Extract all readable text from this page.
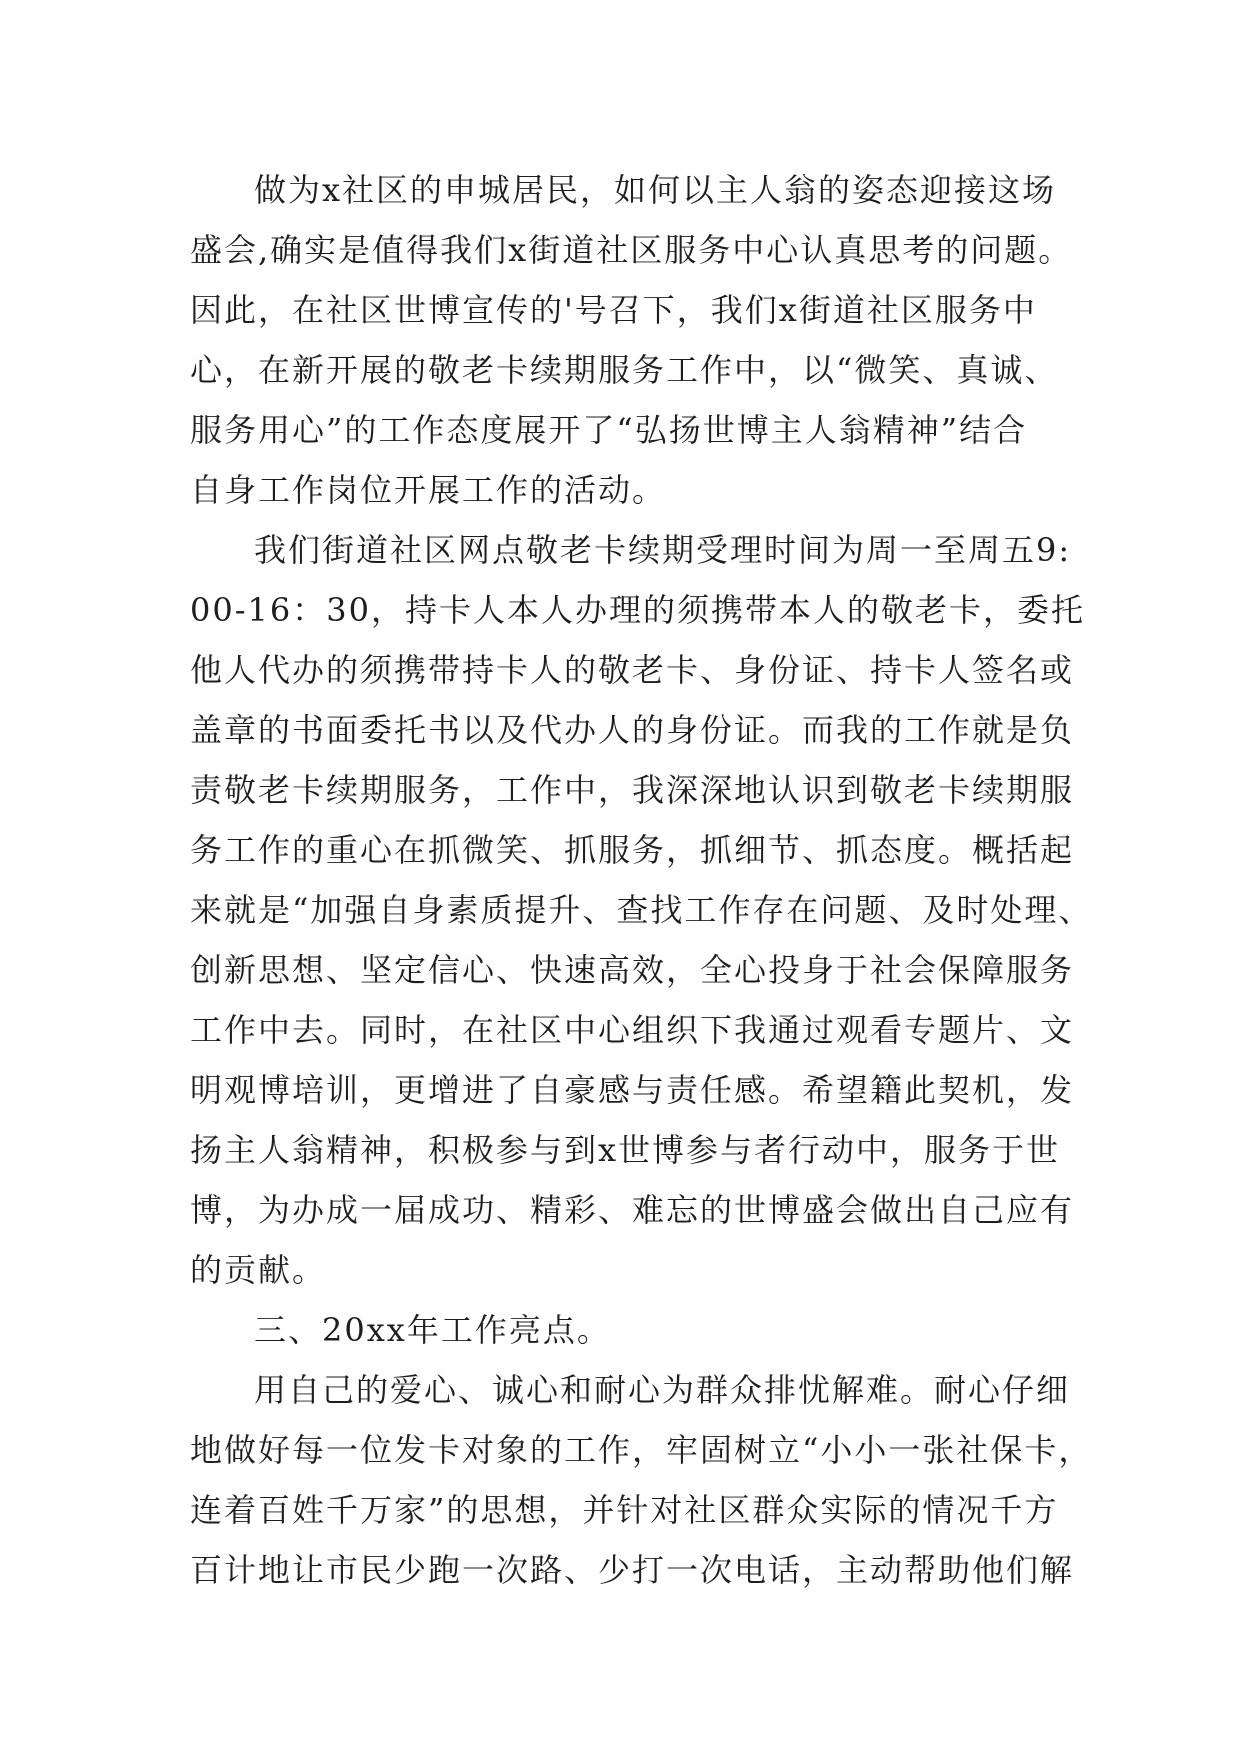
做为x社区的申城居民，如何以主人翁的姿态迎接这场
盛会,确实是值得我们x街道社区服务中心认真思考的问题。
因此，在社区世博宣传的'号召下，我们x街道社区服务中
心，在新开展的敬老卡续期服务工作中，以“微笑、真诚、
服务用心”的工作态度展开了“弘扬世博主人翁精神”结合
自身工作岗位开展工作的活动。
我们街道社区网点敬老卡续期受理时间为周一至周五9:
00-16：30，持卡人本人办理的须携带本人的敬老卡，委托
他人代办的须携带持卡人的敬老卡、身份证、持卡人签名或
盖章的书面委托书以及代办人的身份证。而我的工作就是负
责敬老卡续期服务，工作中，我深深地认识到敬老卡续期服
务工作的重心在抓微笑、抓服务，抓细节、抓态度。概括起
来就是“加强自身素质提升、查找工作存在问题、及时处理、
创新思想、坚定信心、快速高效，全心投身于社会保障服务
工作中去。同时，在社区中心组织下我通过观看专题片、文
明观博培训，更增进了自豪感与责任感。希望籍此契机，发
扬主人翁精神，积极参与到x世博参与者行动中，服务于世
博，为办成一届成功、精彩、难忘的世博盛会做出自己应有
的贡献。
三、20xx年工作亮点。
用自己的爱心、诚心和耐心为群众排忧解难。耐心仔细
地做好每一位发卡对象的工作，牢固树立“小小一张社保卡，
连着百姓千万家”的思想，并针对社区群众实际的情况千方
百计地让市民少跑一次路、少打一次电话，主动帮助他们解
